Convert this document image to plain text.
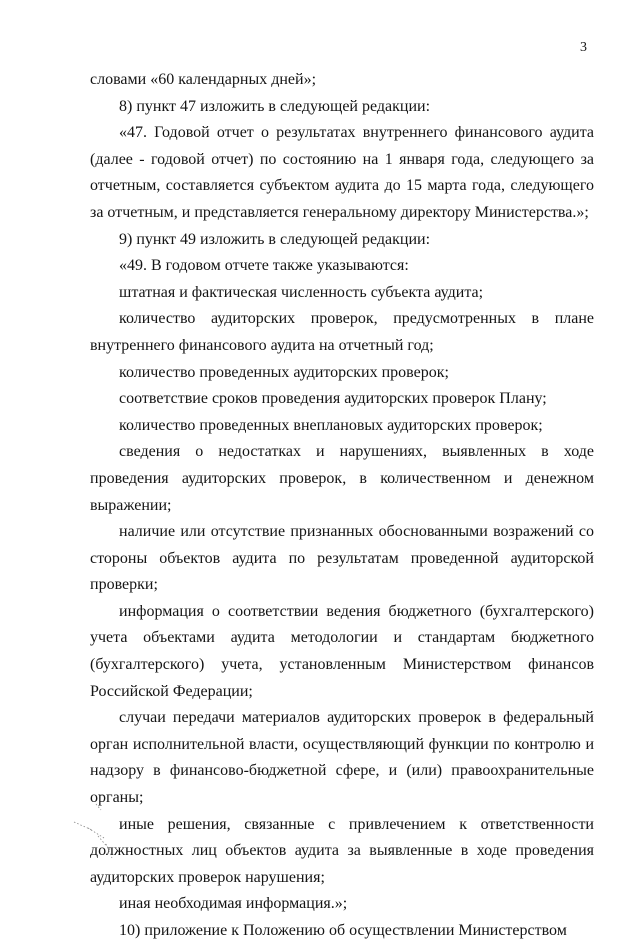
3

словами «60 календарных дней»;

8) пункт 47 изложить в следующей редакции:

«47. Годовой отчет о результатах внутреннего финансового аудита (далее - годовой отчет) по состоянию на 1 января года, следующего за отчетным, составляется субъектом аудита до 15 марта года, следующего за отчетным, и представляется генеральному директору Министерства.»;

9) пункт 49 изложить в следующей редакции:

«49. В годовом отчете также указываются:

штатная и фактическая численность субъекта аудита;

количество аудиторских проверок, предусмотренных в плане внутреннего финансового аудита на отчетный год;

количество проведенных аудиторских проверок;

соответствие сроков проведения аудиторских проверок Плану;

количество проведенных внеплановых аудиторских проверок;

сведения о недостатках и нарушениях, выявленных в ходе проведения аудиторских проверок, в количественном и денежном выражении;

наличие или отсутствие признанных обоснованными возражений со стороны объектов аудита по результатам проведенной аудиторской проверки;

информация о соответствии ведения бюджетного (бухгалтерского) учета объектами аудита методологии и стандартам бюджетного (бухгалтерского) учета, установленным Министерством финансов Российской Федерации;

случаи передачи материалов аудиторских проверок в федеральный орган исполнительной власти, осуществляющий функции по контролю и надзору в финансово-бюджетной сфере, и (или) правоохранительные органы;

иные решения, связанные с привлечением к ответственности должностных лиц объектов аудита за выявленные в ходе проведения аудиторских проверок нарушения;

иная необходимая информация.»;

10) приложение к Положению об осуществлении Министерством
